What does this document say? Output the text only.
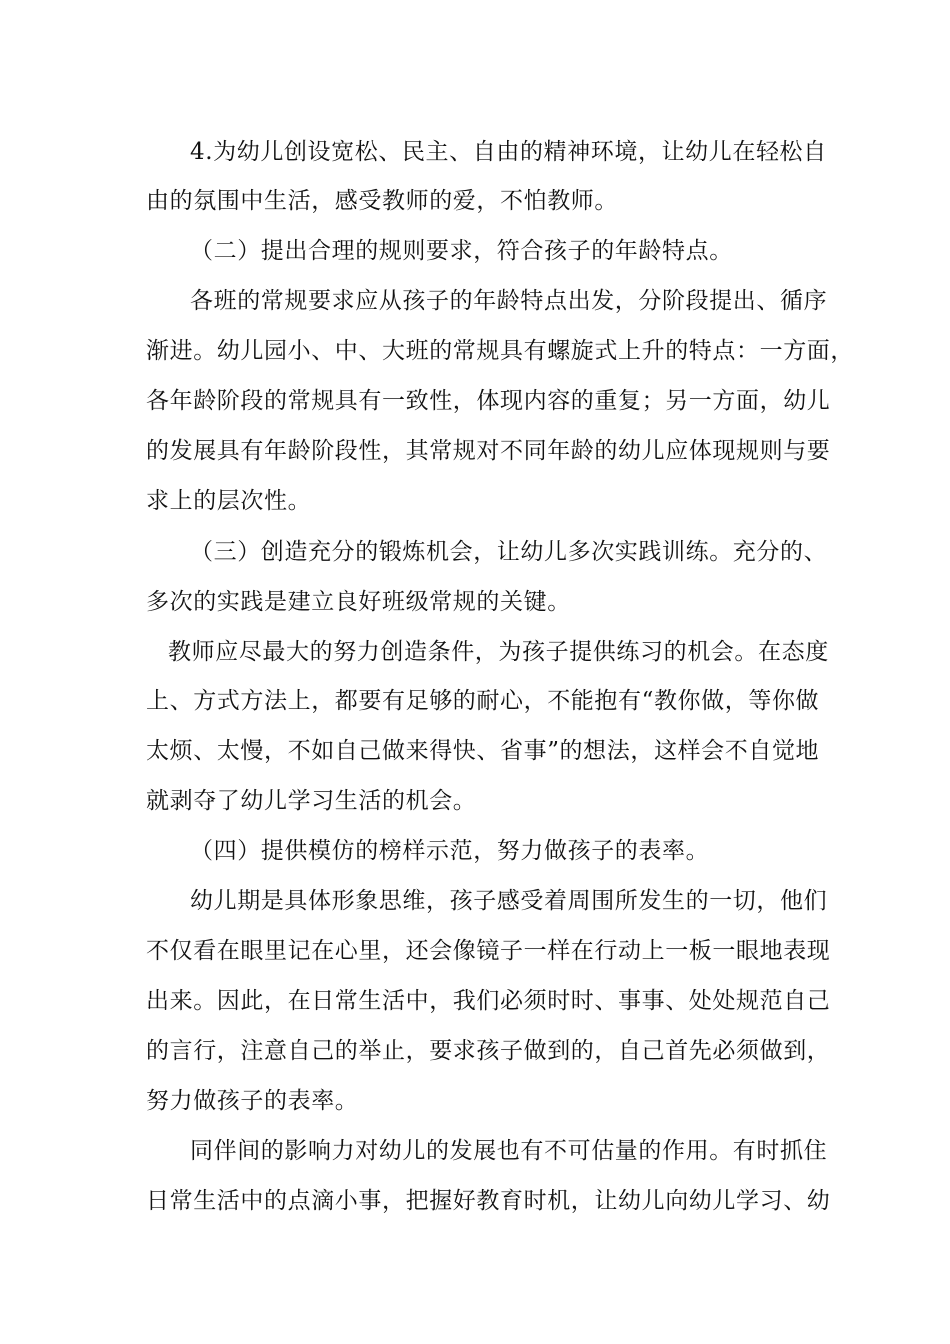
4.为幼儿创设宽松、民主、自由的精神环境，让幼儿在轻松自
由的氛围中生活，感受教师的爱，不怕教师。
（二）提出合理的规则要求，符合孩子的年龄特点。
各班的常规要求应从孩子的年龄特点出发，分阶段提出、循序
渐进。幼儿园小、中、大班的常规具有螺旋式上升的特点：一方面，
各年龄阶段的常规具有一致性，体现内容的重复；另一方面，幼儿
的发展具有年龄阶段性，其常规对不同年龄的幼儿应体现规则与要
求上的层次性。
（三）创造充分的锻炼机会，让幼儿多次实践训练。充分的、
多次的实践是建立良好班级常规的关键。
教师应尽最大的努力创造条件，为孩子提供练习的机会。在态度
上、方式方法上，都要有足够的耐心，不能抱有“教你做，等你做
太烦、太慢，不如自己做来得快、省事”的想法，这样会不自觉地
就剥夺了幼儿学习生活的机会。
（四）提供模仿的榜样示范，努力做孩子的表率。
幼儿期是具体形象思维，孩子感受着周围所发生的一切，他们
不仅看在眼里记在心里，还会像镜子一样在行动上一板一眼地表现
出来。因此，在日常生活中，我们必须时时、事事、处处规范自己
的言行，注意自己的举止，要求孩子做到的，自己首先必须做到，
努力做孩子的表率。
同伴间的影响力对幼儿的发展也有不可估量的作用。有时抓住
日常生活中的点滴小事，把握好教育时机，让幼儿向幼儿学习、幼
